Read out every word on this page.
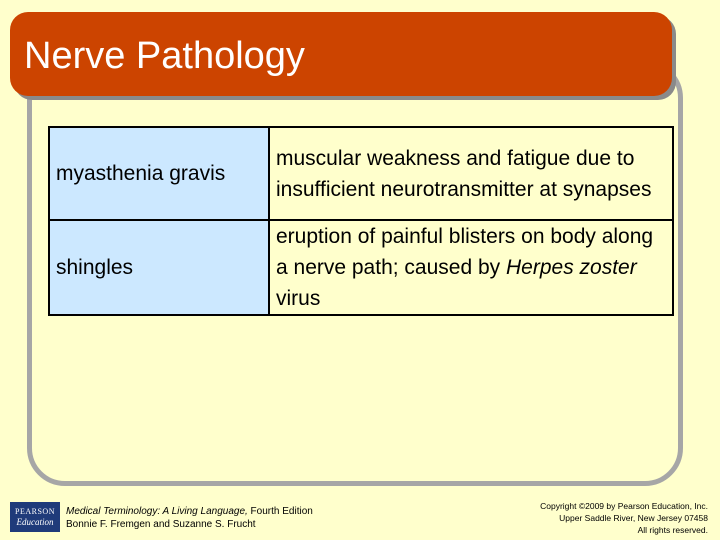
Nerve Pathology
myasthenia gravis	muscular weakness and fatigue due to insufficient neurotransmitter at synapses
shingles	eruption of painful blisters on body along a nerve path; caused by Herpes zoster virus
PEARSON
Education
Medical Terminology: A Living Language, Fourth Edition
Bonnie F. Fremgen and Suzanne S. Frucht
Copyright ©2009 by Pearson Education, Inc.
Upper Saddle River, New Jersey 07458
All rights reserved.
